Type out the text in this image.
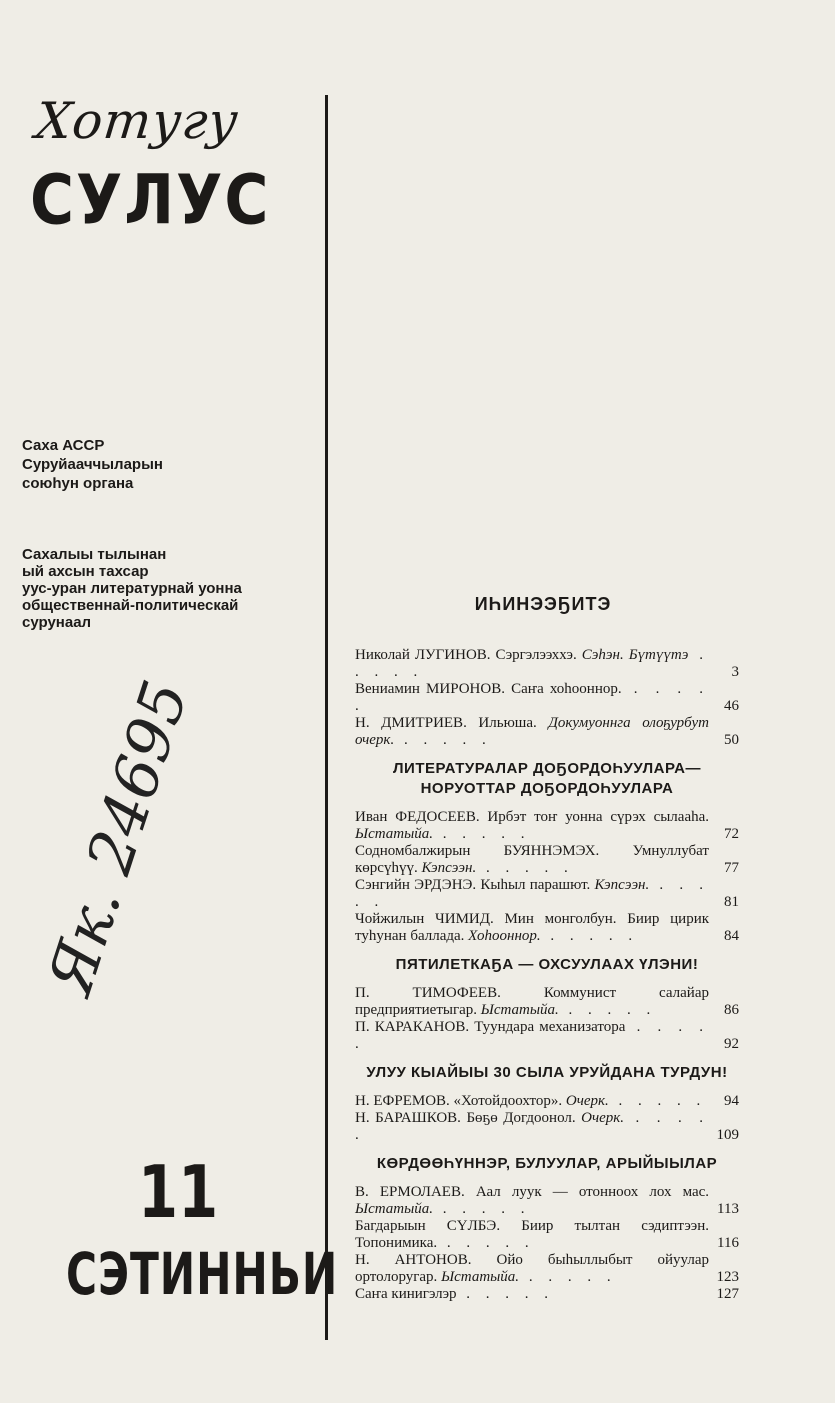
Хотугу
СУЛУС
Саха АССР
Суруйааччыларын
союһун органа
Сахалыы тылынан
ый ахсын тахсар
уус-уран литературнай уонна
общественнай-политическай
сурунаал
Як. 24695
11
СЭТИННЬИ
ИҺИНЭЭҔИТЭ
Николай ЛУГИНОВ. Сэргэлээххэ. Сэһэн. Бүтүүтэ . . . . .	3
Вениамин МИРОНОВ. Саҥа хоһооннор. . . . . .	46
Н. ДМИТРИЕВ. Ильюша. Докумуоннга олоҕурбут очерк. . . . . .	50
ЛИТЕРАТУРАЛАР ДОҔОРДОҺУУЛАРА— НОРУОТТАР ДОҔОРДОҺУУЛАРА
Иван ФЕДОСЕЕВ. Ирбэт тоҥ уонна сүрэх сылааһа. Ыстатыйа. . . . . .	72
Содномбалжирын БУЯННЭМЭХ. Умнуллубат көрсүһүү. Кэпсээн. . . . . .	77
Сэнгийн ЭРДЭНЭ. Кыһыл парашют. Кэпсээн. . . . . .	81
Чойжилын ЧИМИД. Мин монголбун. Биир цирик туһунан баллада. Хоһооннор. . . . . .	84
ПЯТИЛЕТКАҔА — ОХСУУЛААХ ҮЛЭНИ!
П. ТИМОФЕЕВ.	Коммунист салайар предприятиетыгар. Ыстатыйа. . . . . .	86
П. КАРАКАНОВ. Туундара механизатора . . . . .	92
УЛУУ КЫАЙЫЫ 30 СЫЛА УРУЙДАНА ТУРДУН!
Н. ЕФРЕМОВ. «Хотойдоохтор». Очерк. . . . . . 94
Н. БАРАШКОВ. Бөҕө Догдоонол. Очерк. . . . . .	109
КӨРДӨӨҺҮННЭР, БУЛУУЛАР, АРЫЙЫЫЛАР
В. ЕРМОЛАЕВ. Аал луук — отонноох лох мас. Ыстатыйа. . . . . .	113
Багдарыын СҮЛБЭ. Биир тылтан сэдиптээн. Топонимика. . . . . .	116
Н. АНТОНОВ. Ойо быһыллыбыт ойуулар ортолоругар. Ыстатыйа. . . . . .	123
Саҥа кинигэлэр . . . . .	127
